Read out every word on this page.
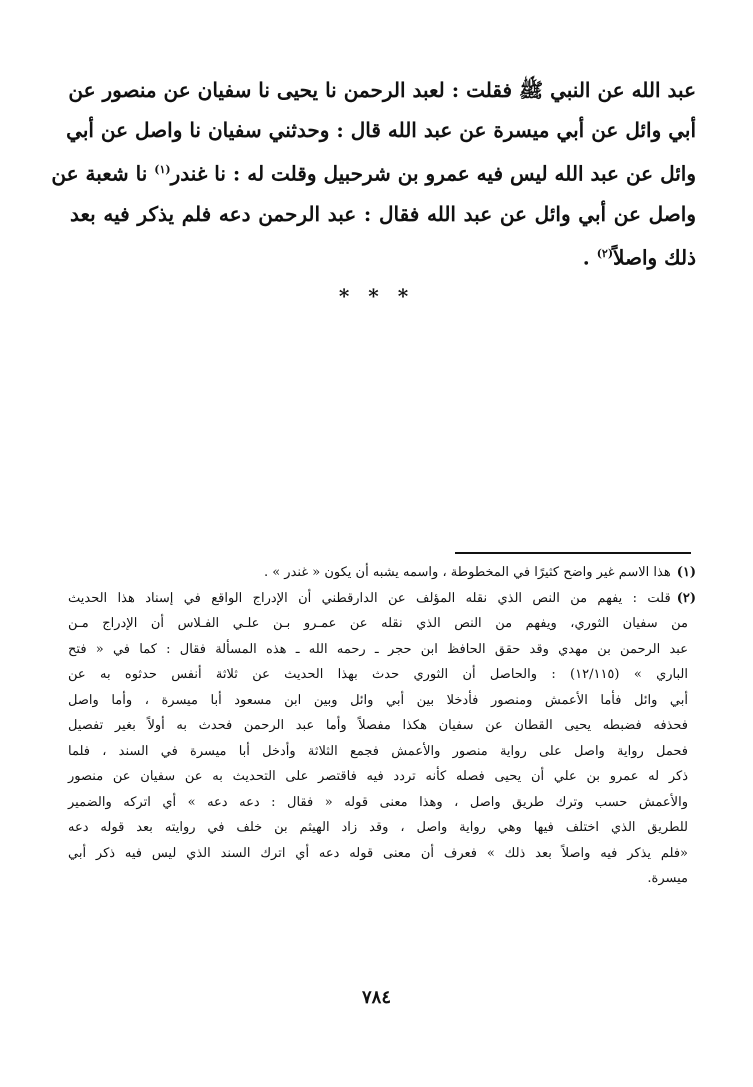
عبد الله عن النبي ﷺ فقلت : لعبد الرحمن نا يحيى نا سفيان عن منصور عن
أبي وائل عن أبي ميسرة عن عبد الله قال : وحدثني سفيان نا واصل عن أبي
وائل عن عبد الله ليس فيه عمرو بن شرحبيل وقلت له : نا غندر$^{(١)}$ نا شعبة عن
واصل عن أبي وائل عن عبد الله فقال : عبد الرحمن دعه فلم يذكر فيه بعد
ذلك واصلاً$^{(٢)}$ .
* * *
(١)هذا الاسم غير واضح كثيرًا في المخطوطة ، واسمه يشبه أن يكون « غندر » .
(٢)قلت : يفهم من النص الذي نقله المؤلف عن الدارقطني أن الإدراج الواقع في إسناد هذا الحديث
من سفيان الثوري، ويفهم من النص الذي نقله عن عمـرو بـن علـي الفـلاس أن الإدراج مـن
عبد الرحمن بن مهدي وقد حقق الحافظ ابن حجر ـ رحمه الله ـ هذه المسألة فقال : كما في « فتح
الباري » (١٢/١١٥) : والحاصل أن الثوري حدث بهذا الحديث عن ثلاثة أنفس حدثوه به عن
أبي وائل فأما الأعمش ومنصور فأدخلا بين أبي وائل وبين ابن مسعود أبا ميسرة ، وأما واصل
فحذفه فضبطه يحيى القطان عن سفيان هكذا مفصلاً وأما عبد الرحمن فحدث به أولاً بغير تفصيل
فحمل رواية واصل على رواية منصور والأعمش فجمع الثلاثة وأدخل أبا ميسرة في السند ، فلما
ذكر له عمرو بن علي أن يحيى فصله كأنه تردد فيه فاقتصر على التحديث به عن سفيان عن منصور
والأعمش حسب وترك طريق واصل ، وهذا معنى قوله « فقال : دعه دعه » أي اتركه والضمير
للطريق الذي اختلف فيها وهي رواية واصل ، وقد زاد الهيثم بن خلف في روايته بعد قوله دعه
«فلم يذكر فيه واصلاً بعد ذلك » فعرف أن معنى قوله دعه أي اترك السند الذي ليس فيه ذكر أبي
ميسرة.
٧٨٤
